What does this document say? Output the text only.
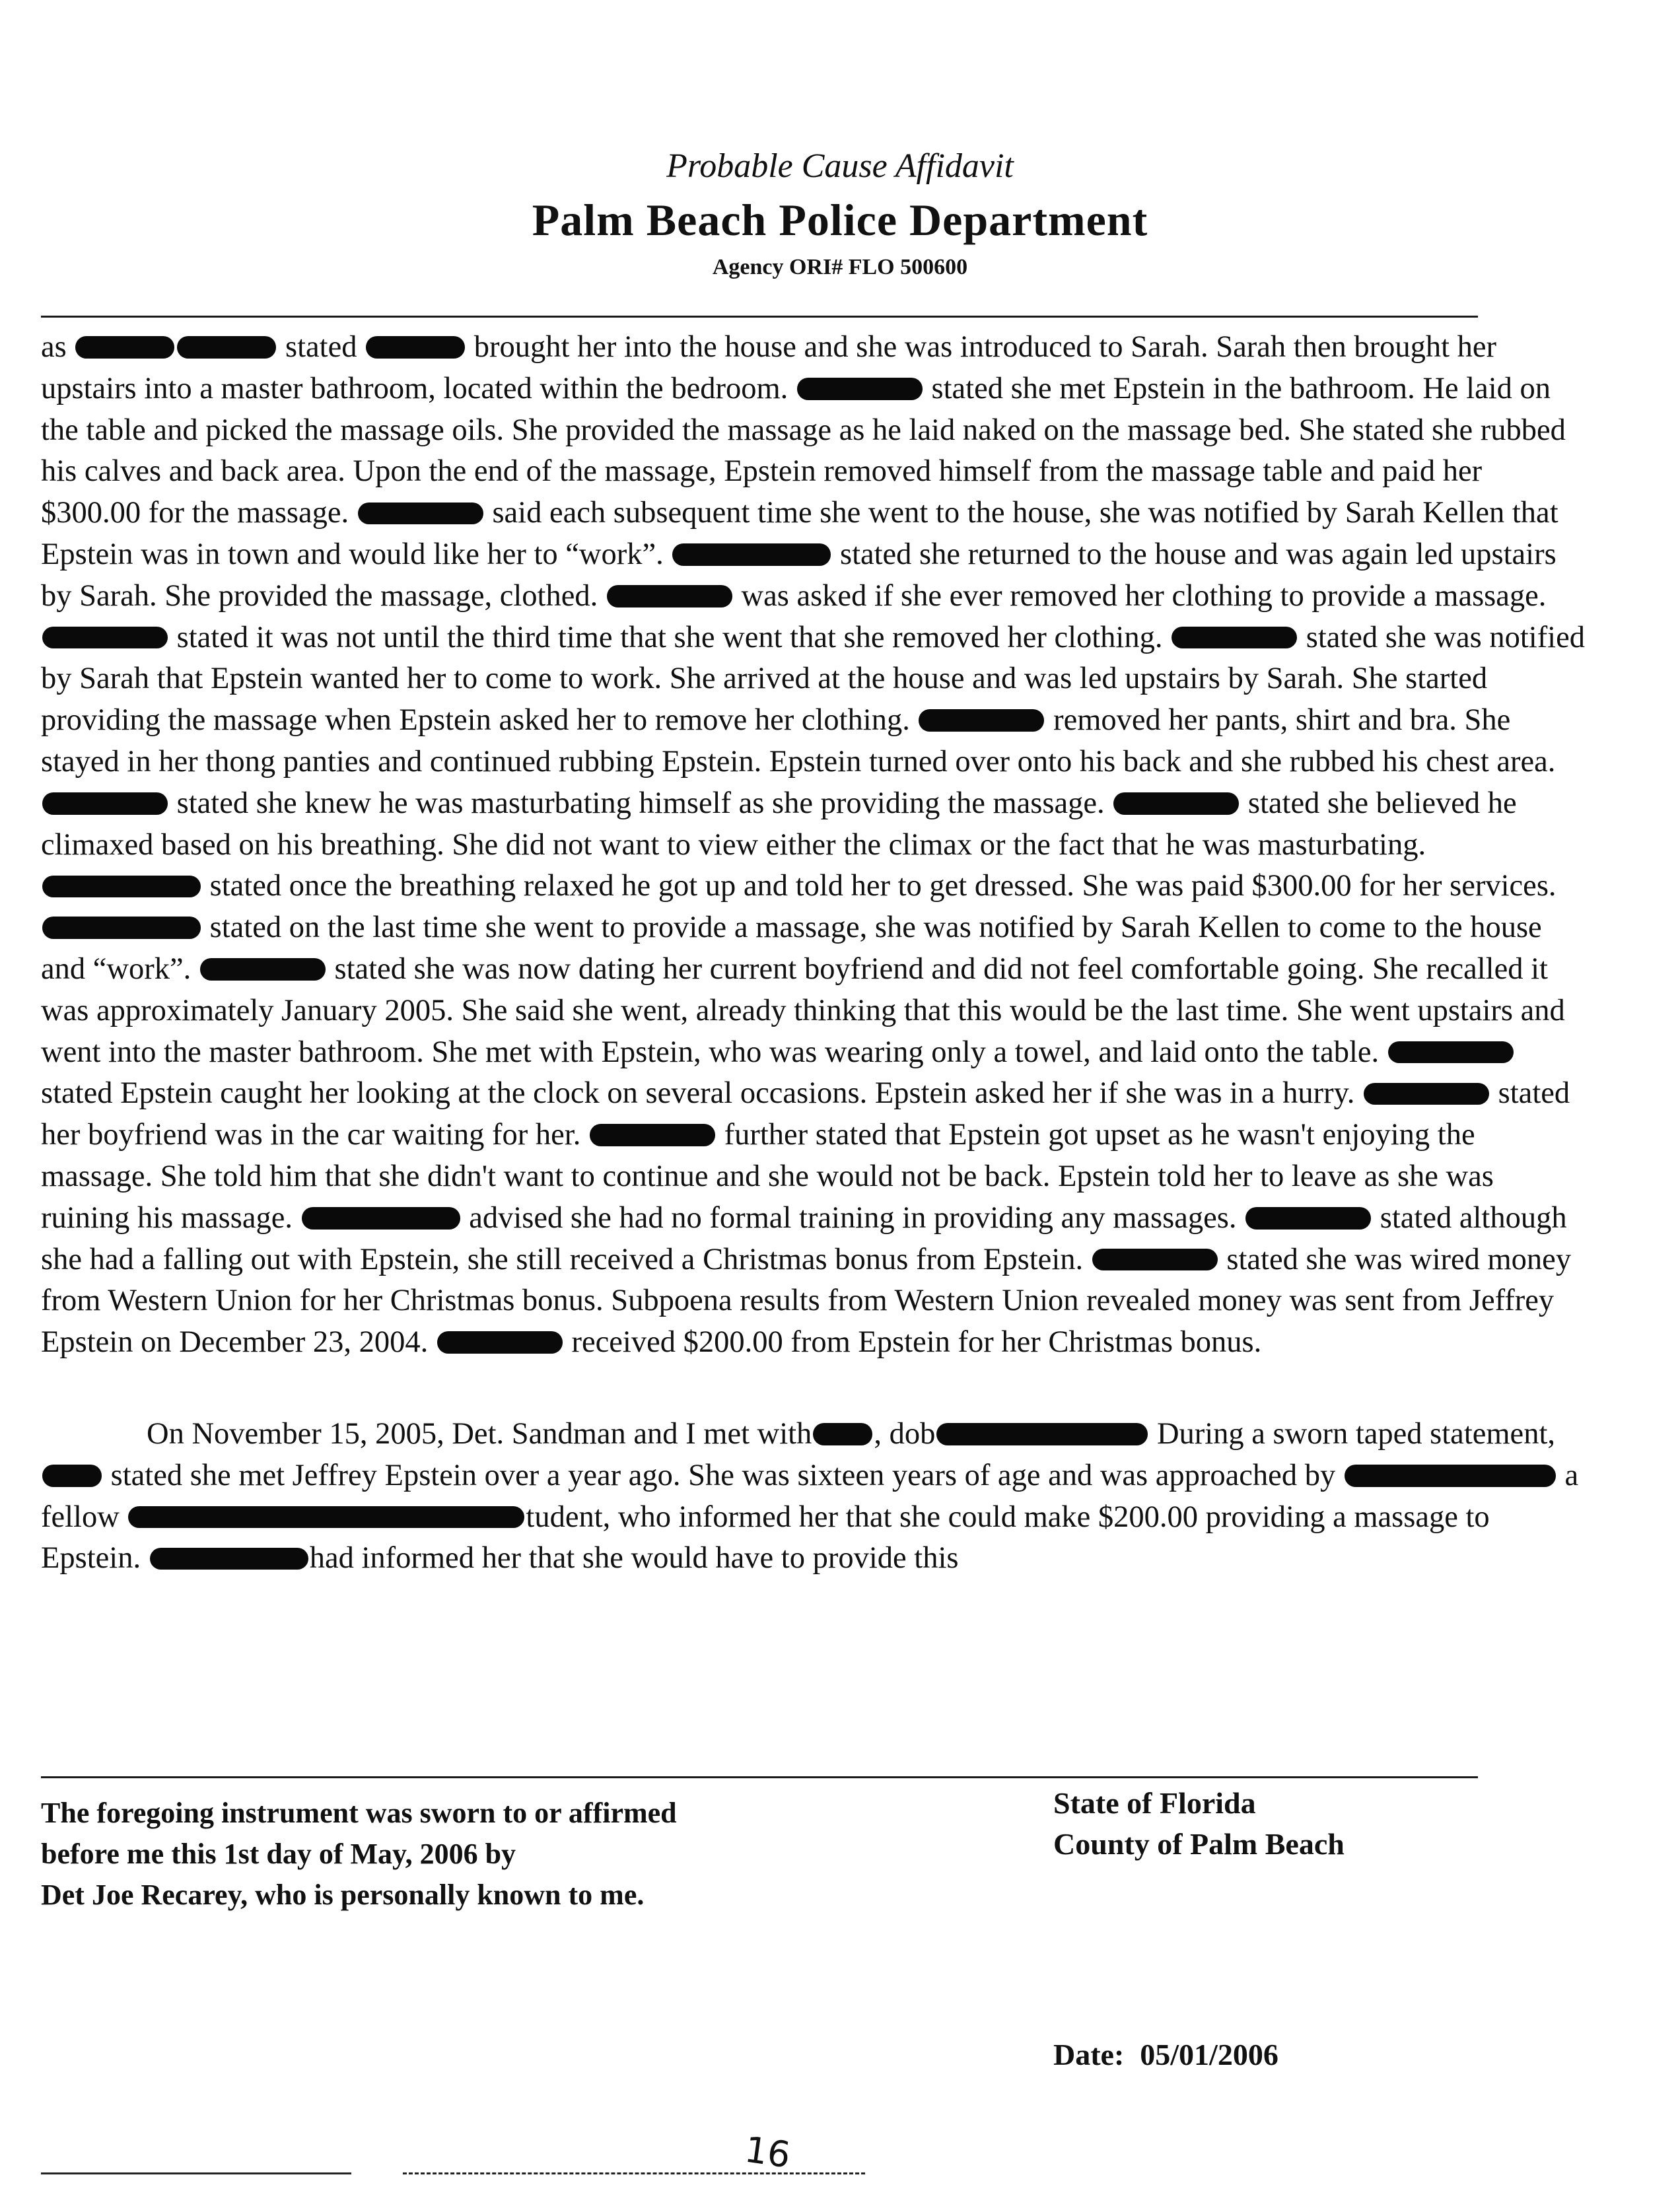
Probable Cause Affidavit
Palm Beach Police Department
Agency ORI# FLO 500600

as	stated	brought her into the house and she was introduced to Sarah. Sarah then brought her upstairs into a master bathroom, located within the bedroom.	stated she met Epstein in the bathroom. He laid on the table and picked the massage oils. She provided the massage as he laid naked on the massage bed. She stated she rubbed his calves and back area. Upon the end of the massage, Epstein removed himself from the massage table and paid her $300.00 for the massage.	said each subsequent time she went to the house, she was notified by Sarah Kellen that Epstein was in town and would like her to “work”.	stated she returned to the house and was again led upstairs by Sarah. She provided the massage, clothed.	was asked if she ever removed her clothing to provide a massage.  stated it was not until the third time that she went that she removed her clothing.	stated she was notified by Sarah that Epstein wanted her to come to work. She arrived at the house and was led upstairs by Sarah. She started providing the massage when Epstein asked her to remove her clothing.	removed her pants, shirt and bra. She stayed in her thong panties and continued rubbing Epstein. Epstein turned over onto his back and she rubbed his chest area.  stated she knew he was masturbating himself as she providing the massage.	stated she believed he climaxed based on his breathing. She did not want to view either the climax or the fact that he was masturbating.  stated once the breathing relaxed he got up and told her to get dressed. She was paid $300.00 for her services.  stated on the last time she went to provide a massage, she was notified by Sarah Kellen to come to the house and “work”.	stated she was now dating her current boyfriend and did not feel comfortable going. She recalled it was approximately January 2005. She said she went, already thinking that this would be the last time. She went upstairs and went into the master bathroom. She met with Epstein, who was wearing only a towel, and laid onto the table.  stated Epstein caught her looking at the clock on several occasions. Epstein asked her if she was in a hurry.	stated her boyfriend was in the car waiting for her.	further stated that Epstein got upset as he wasn't enjoying the massage. She told him that she didn't want to continue and she would not be back. Epstein told her to leave as she was ruining his massage.	advised she had no formal training in providing any massages.	stated although she had a falling out with Epstein, she still received a Christmas bonus from Epstein.	stated she was wired money from Western Union for her Christmas bonus. Subpoena results from Western Union revealed money was sent from Jeffrey Epstein on December 23, 2004.	received $200.00 from Epstein for her Christmas bonus.

On November 15, 2005, Det. Sandman and I met with , dob	During a sworn taped statement,  stated she met Jeffrey Epstein over a year ago. She was sixteen years of age and was approached by	a fellow	tudent, who informed her that she could make $200.00 providing a massage to Epstein.	had informed her that she would have to provide this

The foregoing instrument was sworn to or affirmed

before me this 1st day of May, 2006 by

Det Joe Recarey, who is personally known to me.

State of Florida

County of Palm Beach

Date: 05/01/2006
16
